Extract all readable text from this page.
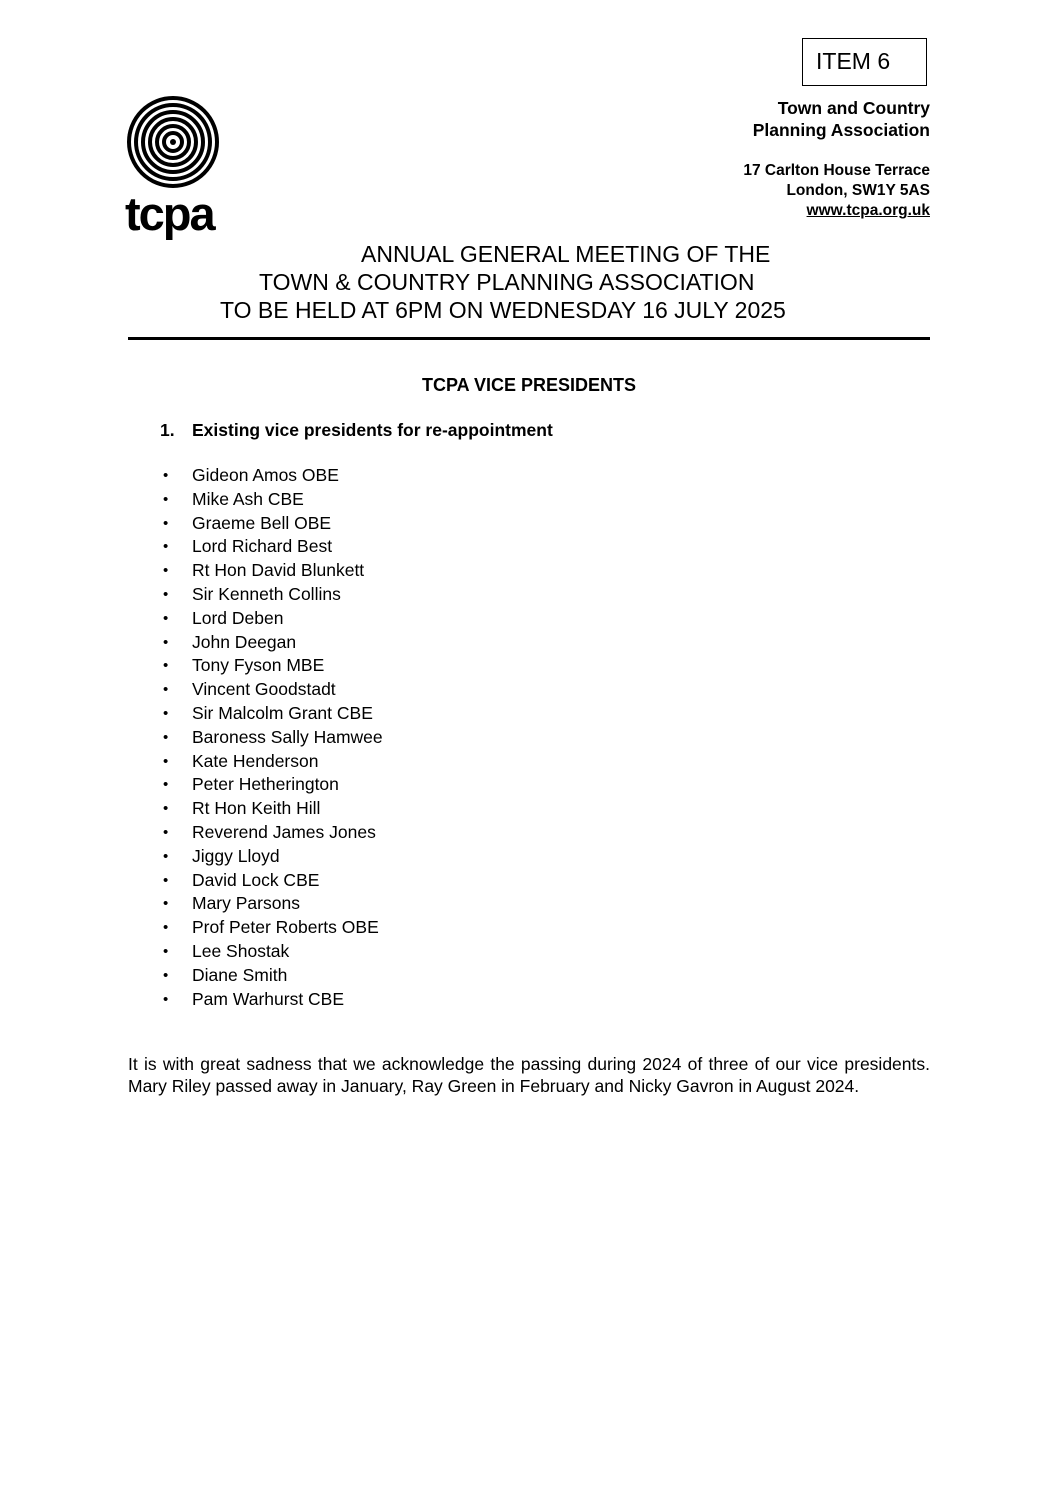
ITEM 6
tcpa
Town and Country
Planning Association
17 Carlton House Terrace
London, SW1Y 5AS
www.tcpa.org.uk
ANNUAL GENERAL MEETING OF THE
TOWN & COUNTRY PLANNING ASSOCIATION
TO BE HELD AT 6PM ON WEDNESDAY 16 JULY 2025
TCPA VICE PRESIDENTS
1. Existing vice presidents for re-appointment
• Gideon Amos OBE
• Mike Ash CBE
• Graeme Bell OBE
• Lord Richard Best
• Rt Hon David Blunkett
• Sir Kenneth Collins
• Lord Deben
• John Deegan
• Tony Fyson MBE
• Vincent Goodstadt
• Sir Malcolm Grant CBE
• Baroness Sally Hamwee
• Kate Henderson
• Peter Hetherington
• Rt Hon Keith Hill
• Reverend James Jones
• Jiggy Lloyd
• David Lock CBE
• Mary Parsons
• Prof Peter Roberts OBE
• Lee Shostak
• Diane Smith
• Pam Warhurst CBE

It is with great sadness that we acknowledge the passing during 2024 of three of our vice presidents. Mary Riley passed away in January, Ray Green in February and Nicky Gavron in August 2024.
